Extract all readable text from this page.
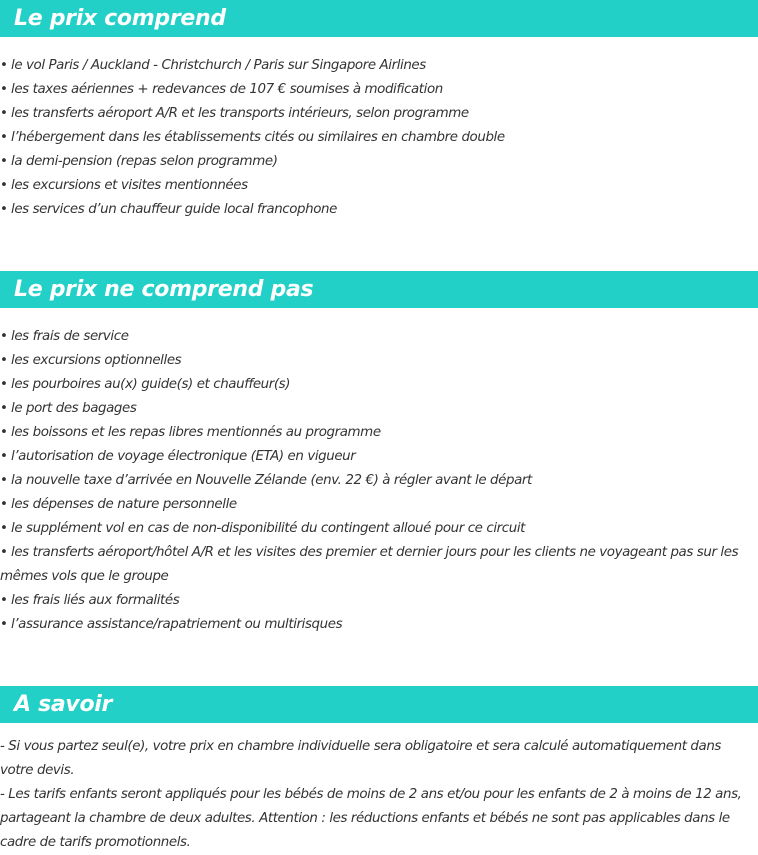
Le prix comprend
• le vol Paris / Auckland - Christchurch / Paris sur Singapore Airlines
• les taxes aériennes + redevances de 107 € soumises à modification
• les transferts aéroport A/R et les transports intérieurs, selon programme
• l’hébergement dans les établissements cités ou similaires en chambre double
• la demi-pension (repas selon programme)
• les excursions et visites mentionnées
• les services d’un chauffeur guide local francophone
Le prix ne comprend pas
• les frais de service
• les excursions optionnelles
• les pourboires au(x) guide(s) et chauffeur(s)
• le port des bagages
• les boissons et les repas libres mentionnés au programme
• l’autorisation de voyage électronique (ETA) en vigueur
• la nouvelle taxe d’arrivée en Nouvelle Zélande (env. 22 €) à régler avant le départ
• les dépenses de nature personnelle
• le supplément vol en cas de non-disponibilité du contingent alloué pour ce circuit
• les transferts aéroport/hôtel A/R et les visites des premier et dernier jours pour les clients ne voyageant pas sur les mêmes vols que le groupe
• les frais liés aux formalités
• l’assurance assistance/rapatriement ou multirisques
A savoir
- Si vous partez seul(e), votre prix en chambre individuelle sera obligatoire et sera calculé automatiquement dans votre devis.
- Les tarifs enfants seront appliqués pour les bébés de moins de 2 ans et/ou pour les enfants de 2 à moins de 12 ans, partageant la chambre de deux adultes. Attention : les réductions enfants et bébés ne sont pas applicables dans le cadre de tarifs promotionnels.
